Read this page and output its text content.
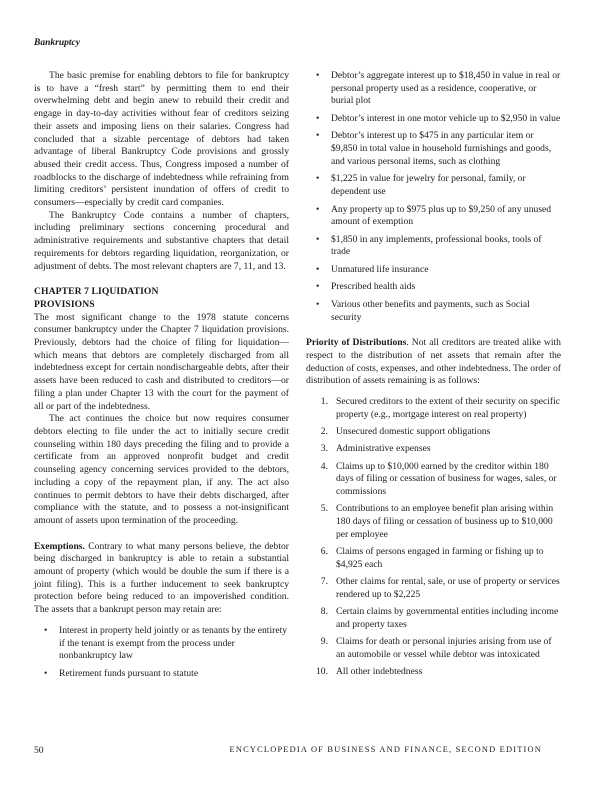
Bankruptcy

The basic premise for enabling debtors to file for bankruptcy is to have a “fresh start” by permitting them to end their overwhelming debt and begin anew to rebuild their credit and engage in day-to-day activities without fear of creditors seizing their assets and imposing liens on their salaries. Congress had concluded that a sizable percentage of debtors had taken advantage of liberal Bankruptcy Code provisions and grossly abused their credit access. Thus, Congress imposed a number of roadblocks to the discharge of indebtedness while refraining from limiting creditors’ persistent inundation of offers of credit to consumers—especially by credit card companies.

The Bankruptcy Code contains a number of chapters, including preliminary sections concerning procedural and administrative requirements and substantive chapters that detail requirements for debtors regarding liquidation, reorganization, or adjustment of debts. The most relevant chapters are 7, 11, and 13.

CHAPTER 7 LIQUIDATION
PROVISIONS

The most significant change to the 1978 statute concerns consumer bankruptcy under the Chapter 7 liquidation provisions. Previously, debtors had the choice of filing for liquidation—which means that debtors are completely discharged from all indebtedness except for certain nondischargeable debts, after their assets have been reduced to cash and distributed to creditors—or filing a plan under Chapter 13 with the court for the payment of all or part of the indebtedness.

The act continues the choice but now requires consumer debtors electing to file under the act to initially secure credit counseling within 180 days preceding the filing and to provide a certificate from an approved nonprofit budget and credit counseling agency concerning services provided to the debtors, including a copy of the repayment plan, if any. The act also continues to permit debtors to have their debts discharged, after compliance with the statute, and to possess a not-insignificant amount of assets upon termination of the proceeding.

Exemptions. Contrary to what many persons believe, the debtor being discharged in bankruptcy is able to retain a substantial amount of property (which would be double the sum if there is a joint filing). This is a further inducement to seek bankruptcy protection before being reduced to an impoverished condition. The assets that a bankrupt person may retain are:

• Interest in property held jointly or as tenants by the entirety if the tenant is exempt from the process under nonbankruptcy law
• Retirement funds pursuant to statute
• Debtor’s aggregate interest up to $18,450 in value in real or personal property used as a residence, cooperative, or burial plot
• Debtor’s interest in one motor vehicle up to $2,950 in value
• Debtor’s interest up to $475 in any particular item or $9,850 in total value in household furnishings and goods, and various personal items, such as clothing
• $1,225 in value for jewelry for personal, family, or dependent use
• Any property up to $975 plus up to $9,250 of any unused amount of exemption
• $1,850 in any implements, professional books, tools of trade
• Unmatured life insurance
• Prescribed health aids
• Various other benefits and payments, such as Social security

Priority of Distributions. Not all creditors are treated alike with respect to the distribution of net assets that remain after the deduction of costs, expenses, and other indebtedness. The order of distribution of assets remaining is as follows:

1. Secured creditors to the extent of their security on specific property (e.g., mortgage interest on real property)
2. Unsecured domestic support obligations
3. Administrative expenses
4. Claims up to $10,000 earned by the creditor within 180 days of filing or cessation of business for wages, sales, or commissions
5. Contributions to an employee benefit plan arising within 180 days of filing or cessation of business up to $10,000 per employee
6. Claims of persons engaged in farming or fishing up to $4,925 each
7. Other claims for rental, sale, or use of property or services rendered up to $2,225
8. Certain claims by governmental entities including income and property taxes
9. Claims for death or personal injuries arising from use of an automobile or vessel while debtor was intoxicated
10. All other indebtedness
50	ENCYCLOPEDIA OF BUSINESS AND FINANCE, SECOND EDITION
